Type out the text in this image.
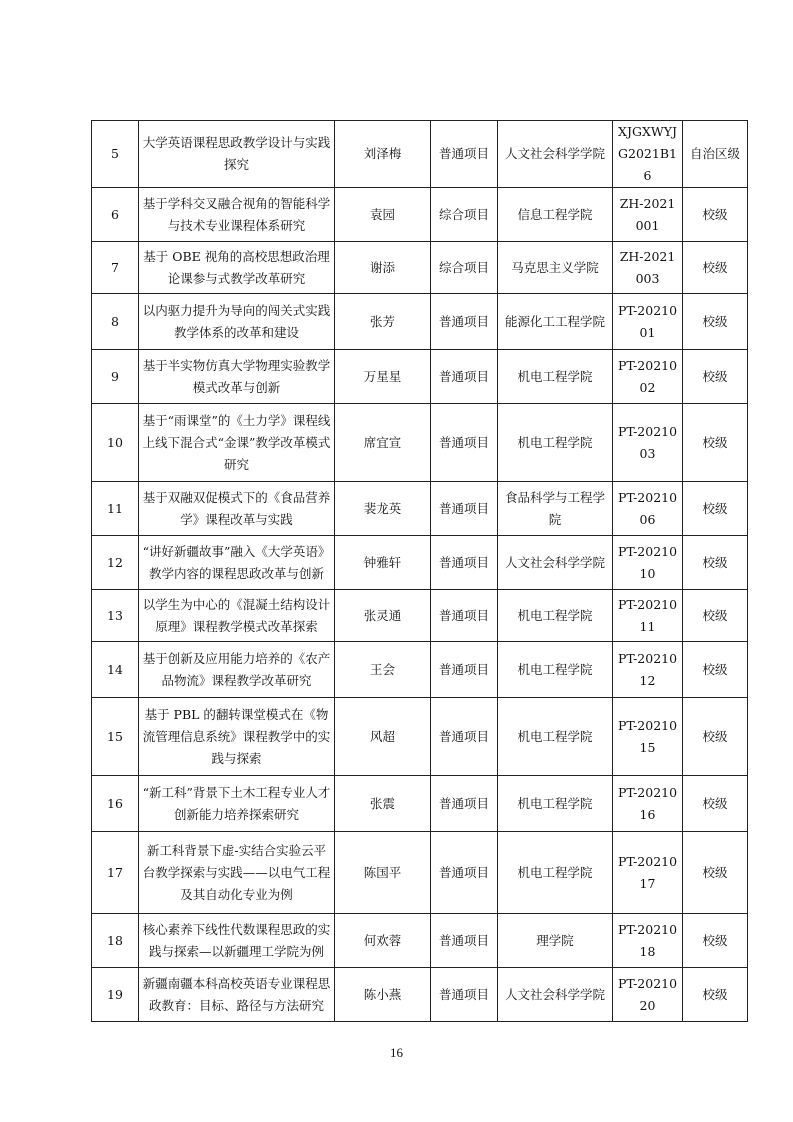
5	大学英语课程思政教学设计与实践探究	刘泽梅	普通项目	人文社会科学学院	XJGXWYJG2021B16	自治区级
6	基于学科交叉融合视角的智能科学与技术专业课程体系研究	袁园	综合项目	信息工程学院	ZH-2021001	校级
7	基于 OBE 视角的高校思想政治理论课参与式教学改革研究	谢添	综合项目	马克思主义学院	ZH-2021003	校级
8	以内驱力提升为导向的闯关式实践教学体系的改革和建设	张芳	普通项目	能源化工工程学院	PT-2021001	校级
9	基于半实物仿真大学物理实验教学模式改革与创新	万星星	普通项目	机电工程学院	PT-2021002	校级
10	基于“雨课堂”的《土力学》课程线上线下混合式“金课”教学改革模式研究	席宜宣	普通项目	机电工程学院	PT-2021003	校级
11	基于双融双促模式下的《食品营养学》课程改革与实践	裴龙英	普通项目	食品科学与工程学院	PT-2021006	校级
12	“讲好新疆故事”融入《大学英语》教学内容的课程思政改革与创新	钟雅轩	普通项目	人文社会科学学院	PT-2021010	校级
13	以学生为中心的《混凝土结构设计原理》课程教学模式改革探索	张灵通	普通项目	机电工程学院	PT-2021011	校级
14	基于创新及应用能力培养的《农产品物流》课程教学改革研究	王会	普通项目	机电工程学院	PT-2021012	校级
15	基于 PBL 的翻转课堂模式在《物流管理信息系统》课程教学中的实践与探索	风超	普通项目	机电工程学院	PT-2021015	校级
16	“新工科”背景下土木工程专业人才创新能力培养探索研究	张震	普通项目	机电工程学院	PT-2021016	校级
17	新工科背景下虚-实结合实验云平台教学探索与实践——以电气工程及其自动化专业为例	陈国平	普通项目	机电工程学院	PT-2021017	校级
18	核心素养下线性代数课程思政的实践与探索—以新疆理工学院为例	何欢蓉	普通项目	理学院	PT-2021018	校级
19	新疆南疆本科高校英语专业课程思政教育：目标、路径与方法研究	陈小燕	普通项目	人文社会科学学院	PT-2021020	校级
16
